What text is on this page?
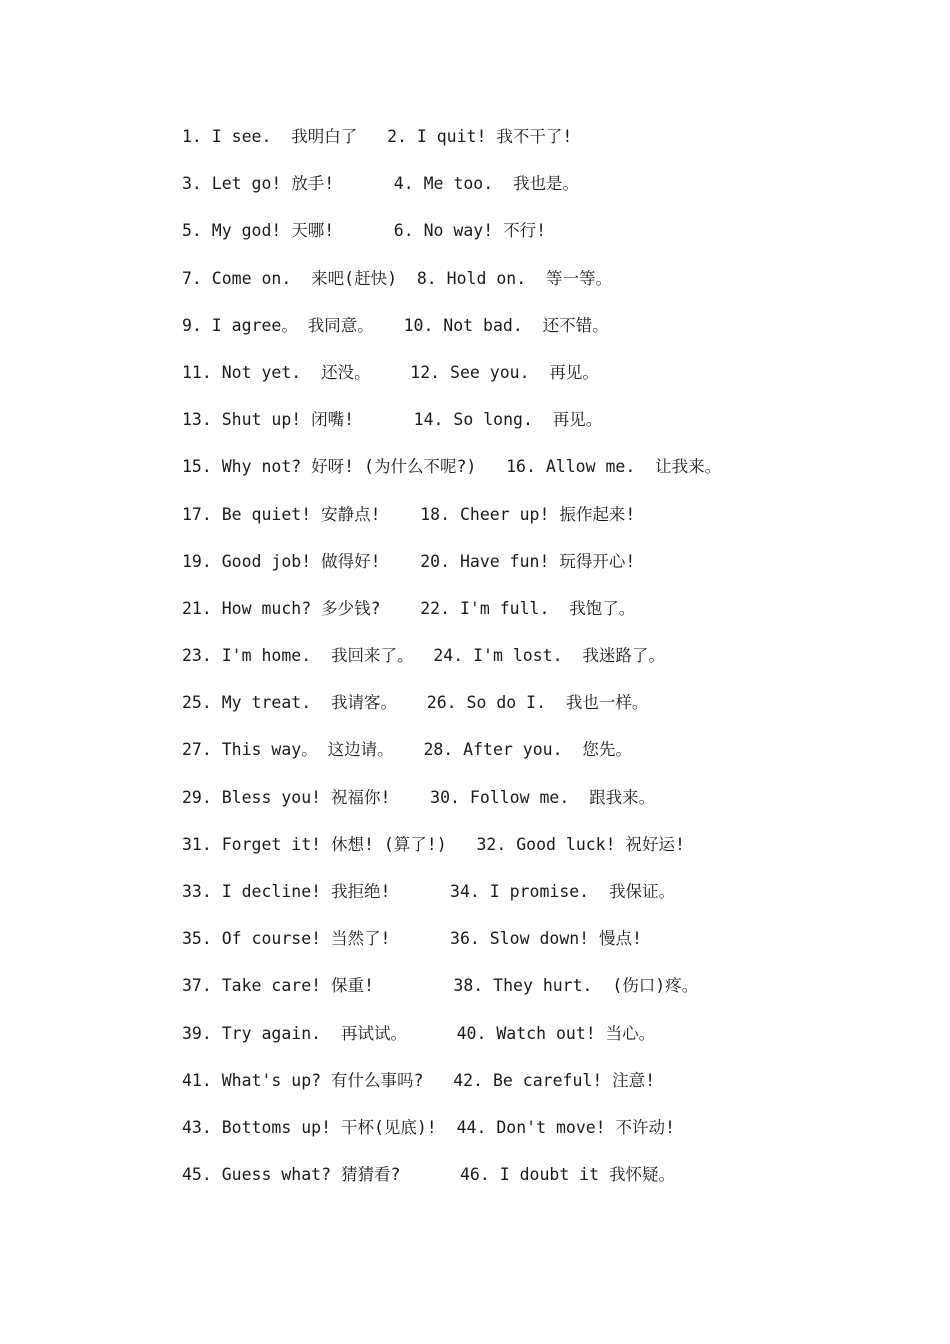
1. I see.  我明白了   2. I quit! 我不干了!
3. Let go! 放手!      4. Me too.  我也是。
5. My god! 天哪!      6. No way! 不行!
7. Come on.  来吧(赶快)  8. Hold on.  等一等。
9. I agree。 我同意。   10. Not bad.  还不错。
11. Not yet.  还没。    12. See you.  再见。
13. Shut up! 闭嘴!      14. So long.  再见。
15. Why not? 好呀! (为什么不呢?)   16. Allow me.  让我来。
17. Be quiet! 安静点!    18. Cheer up! 振作起来!
19. Good job! 做得好!    20. Have fun! 玩得开心!
21. How much? 多少钱?    22. I'm full.  我饱了。
23. I'm home.  我回来了。  24. I'm lost.  我迷路了。
25. My treat.  我请客。   26. So do I.  我也一样。
27. This way。 这边请。   28. After you.  您先。
29. Bless you! 祝福你!    30. Follow me.  跟我来。
31. Forget it! 休想! (算了!)   32. Good luck! 祝好运!
33. I decline! 我拒绝!      34. I promise.  我保证。
35. Of course! 当然了!      36. Slow down! 慢点!
37. Take care! 保重!        38. They hurt.  (伤口)疼。
39. Try again.  再试试。     40. Watch out! 当心。
41. What's up? 有什么事吗?   42. Be careful! 注意!
43. Bottoms up! 干杯(见底)!  44. Don't move! 不许动!
45. Guess what? 猜猜看?      46. I doubt it 我怀疑。
